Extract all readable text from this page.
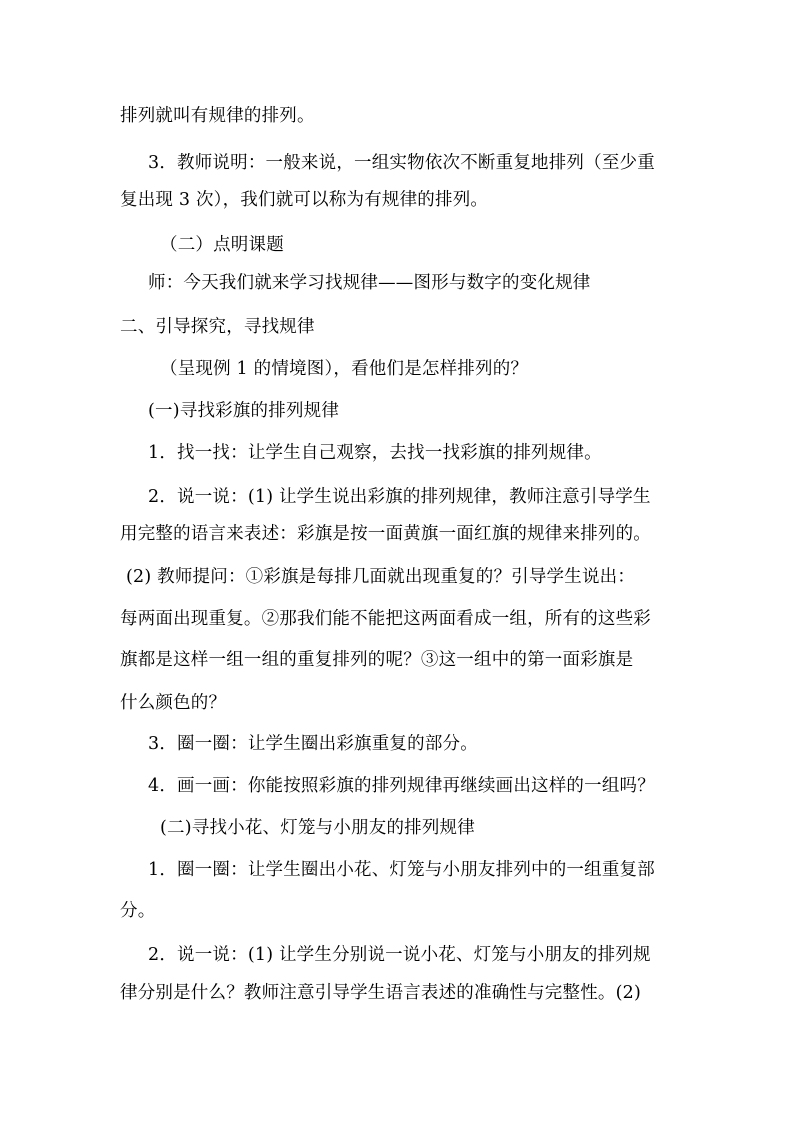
排列就叫有规律的排列。
3．教师说明：一般来说，一组实物依次不断重复地排列（至少重
复出现 3 次），我们就可以称为有规律的排列。
（二）点明课题
师：今天我们就来学习找规律——图形与数字的变化规律
二、引导探究，寻找规律
（呈现例 1 的情境图），看他们是怎样排列的？
(一)寻找彩旗的排列规律
1．找一找：让学生自己观察，去找一找彩旗的排列规律。
2．说一说：(1) 让学生说出彩旗的排列规律，教师注意引导学生
用完整的语言来表述：彩旗是按一面黄旗一面红旗的规律来排列的。
(2) 教师提问：①彩旗是每排几面就出现重复的？引导学生说出：
每两面出现重复。②那我们能不能把这两面看成一组，所有的这些彩
旗都是这样一组一组的重复排列的呢？③这一组中的第一面彩旗是
什么颜色的？
3．圈一圈：让学生圈出彩旗重复的部分。
4．画一画：你能按照彩旗的排列规律再继续画出这样的一组吗？
(二)寻找小花、灯笼与小朋友的排列规律
1．圈一圈：让学生圈出小花、灯笼与小朋友排列中的一组重复部
分。
2．说一说：(1) 让学生分别说一说小花、灯笼与小朋友的排列规
律分别是什么？教师注意引导学生语言表述的准确性与完整性。(2)
